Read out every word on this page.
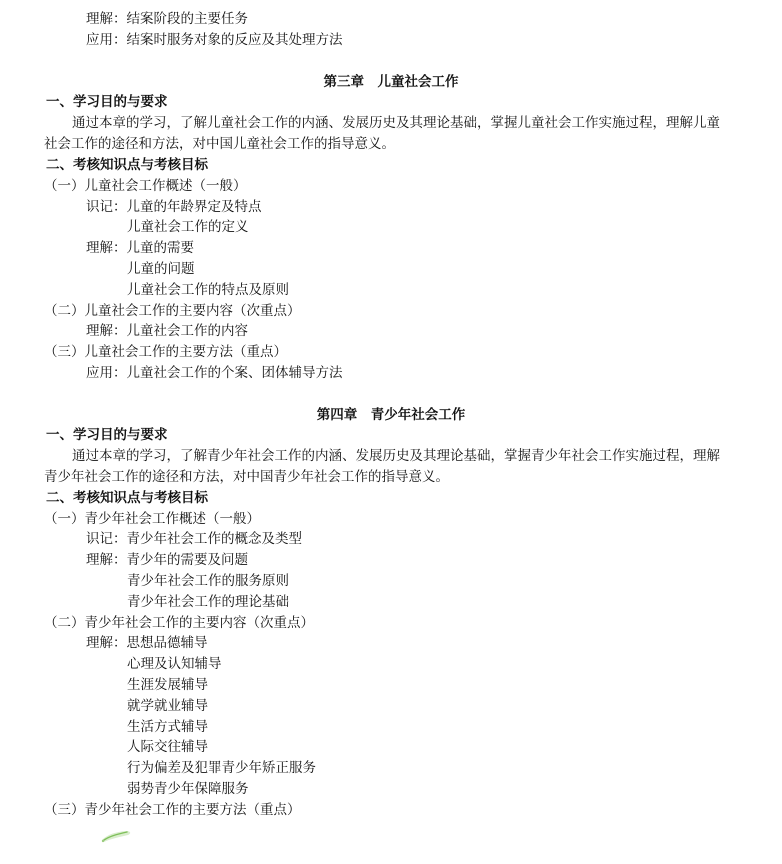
理解：结案阶段的主要任务
应用：结案时服务对象的反应及其处理方法
第三章　儿童社会工作
一、学习目的与要求
通过本章的学习，了解儿童社会工作的内涵、发展历史及其理论基础，掌握儿童社会工作实施过程，理解儿童
社会工作的途径和方法，对中国儿童社会工作的指导意义。
二、考核知识点与考核目标
（一）儿童社会工作概述（一般）
识记：儿童的年龄界定及特点
儿童社会工作的定义
理解：儿童的需要
儿童的问题
儿童社会工作的特点及原则
（二）儿童社会工作的主要内容（次重点）
理解：儿童社会工作的内容
（三）儿童社会工作的主要方法（重点）
应用：儿童社会工作的个案、团体辅导方法
第四章　青少年社会工作
一、学习目的与要求
通过本章的学习，了解青少年社会工作的内涵、发展历史及其理论基础，掌握青少年社会工作实施过程，理解
青少年社会工作的途径和方法，对中国青少年社会工作的指导意义。
二、考核知识点与考核目标
（一）青少年社会工作概述（一般）
识记：青少年社会工作的概念及类型
理解：青少年的需要及问题
青少年社会工作的服务原则
青少年社会工作的理论基础
（二）青少年社会工作的主要内容（次重点）
理解：思想品德辅导
心理及认知辅导
生涯发展辅导
就学就业辅导
生活方式辅导
人际交往辅导
行为偏差及犯罪青少年矫正服务
弱势青少年保障服务
（三）青少年社会工作的主要方法（重点）
